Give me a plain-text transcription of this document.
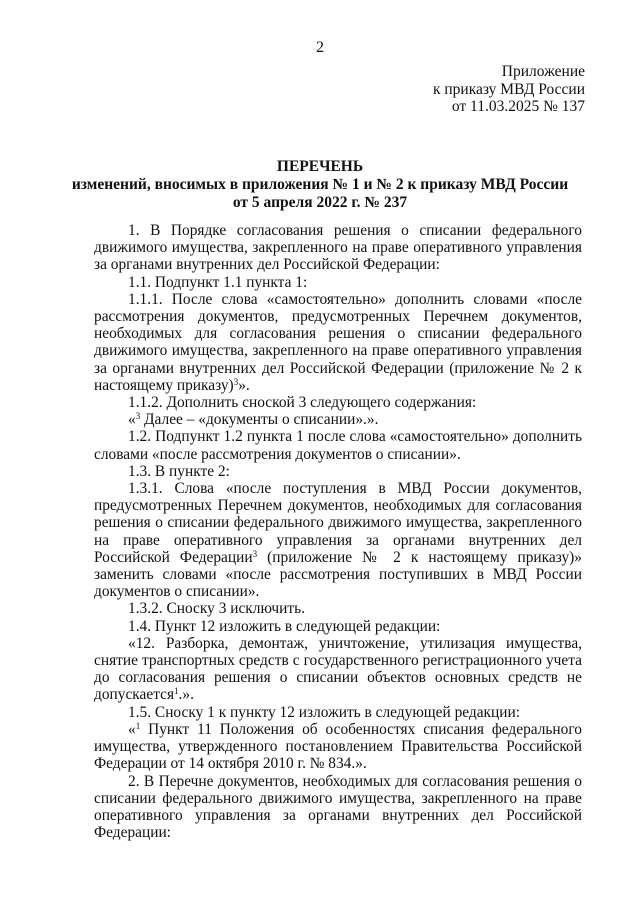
2
Приложение
к приказу МВД России
от 11.03.2025 № 137
ПЕРЕЧЕНЬ
изменений, вносимых в приложения № 1 и № 2 к приказу МВД России
от 5 апреля 2022 г. № 237

1. В Порядке согласования решения о списании федерального движимого имущества, закрепленного на праве оперативного управления за органами внутренних дел Российской Федерации:

1.1. Подпункт 1.1 пункта 1:

1.1.1. После слова «самостоятельно» дополнить словами «после рассмотрения документов, предусмотренных Перечнем документов, необходимых для согласования решения о списании федерального движимого имущества, закрепленного на праве оперативного управления за органами внутренних дел Российской Федерации (приложение № 2 к настоящему приказу)$^3$».

1.1.2. Дополнить сноской 3 следующего содержания:

«$^3$ Далее – «документы о списании».».

1.2. Подпункт 1.2 пункта 1 после слова «самостоятельно» дополнить словами «после рассмотрения документов о списании».

1.3. В пункте 2:

1.3.1. Слова «после поступления в МВД России документов, предусмотренных Перечнем документов, необходимых для согласования решения о списании федерального движимого имущества, закрепленного на праве оперативного управления за органами внутренних дел Российской Федерации$^3$ (приложение № 2 к настоящему приказу)» заменить словами «после рассмотрения поступивших в МВД России документов о списании».

1.3.2. Сноску 3 исключить.

1.4. Пункт 12 изложить в следующей редакции:

«12. Разборка, демонтаж, уничтожение, утилизация имущества, снятие транспортных средств с государственного регистрационного учета до согласования решения о списании объектов основных средств не допускается$^1$.».

1.5. Сноску 1 к пункту 12 изложить в следующей редакции:

«$^1$ Пункт 11 Положения об особенностях списания федерального имущества, утвержденного постановлением Правительства Российской Федерации от 14 октября 2010 г. № 834.».

2. В Перечне документов, необходимых для согласования решения о списании федерального движимого имущества, закрепленного на праве оперативного управления за органами внутренних дел Российской Федерации:
